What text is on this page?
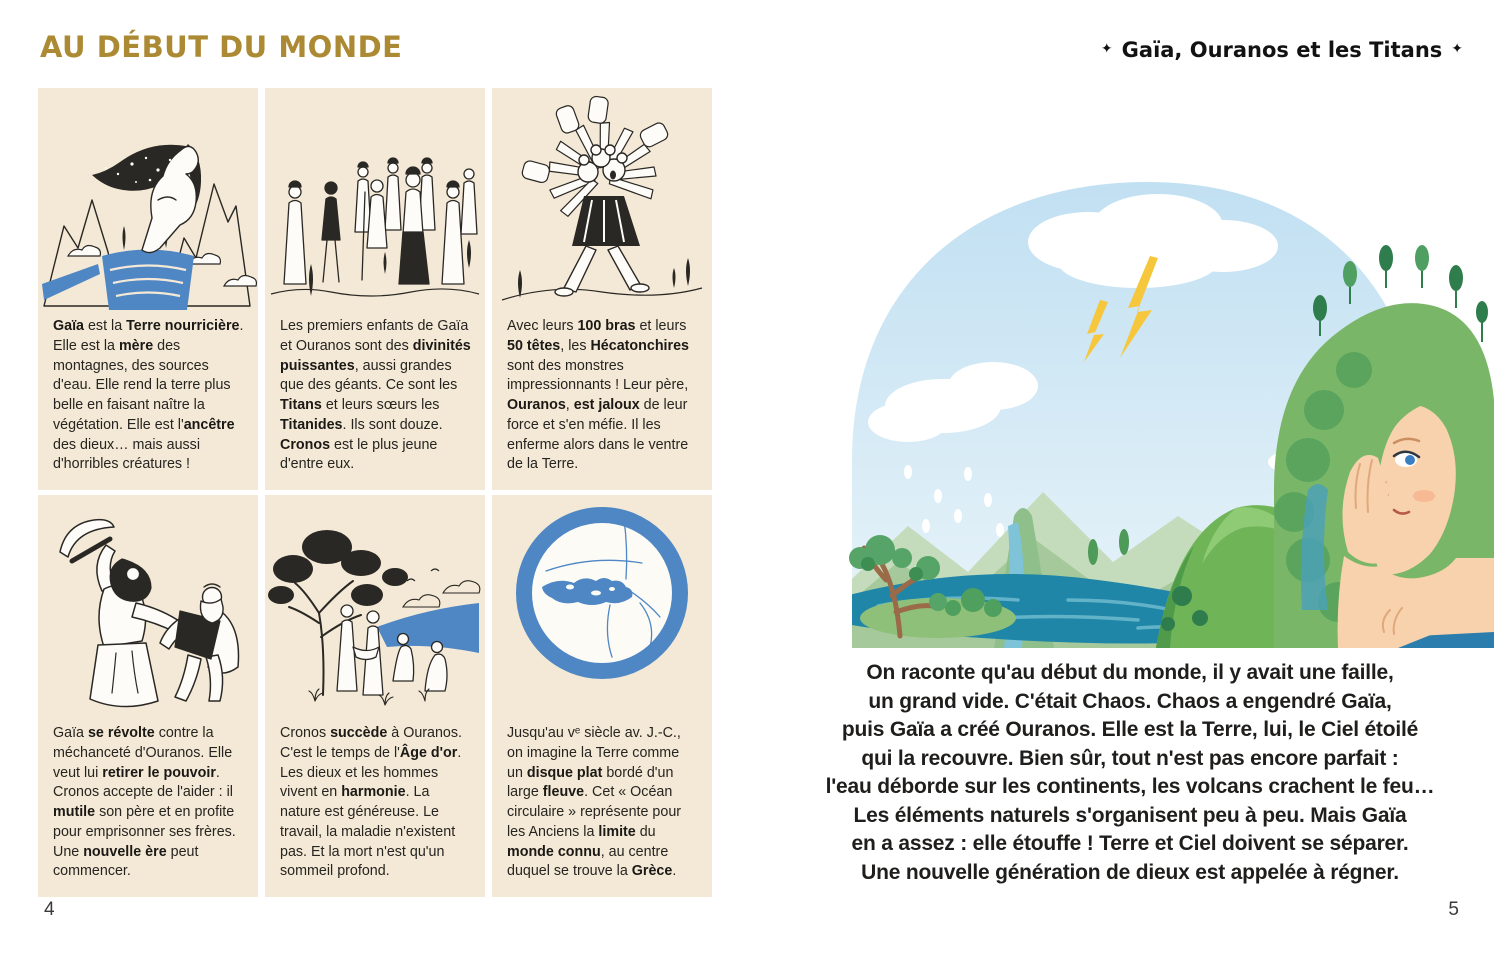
AU DÉBUT DU MONDE

Gaïa est la Terre nourricière. Elle est la mère des montagnes, des sources d'eau. Elle rend la terre plus belle en faisant naître la végétation. Elle est l'ancêtre des dieux… mais aussi d'horribles créatures !

Les premiers enfants de Gaïa et Ouranos sont des divinités puissantes, aussi grandes que des géants. Ce sont les Titans et leurs sœurs les Titanides. Ils sont douze. Cronos est le plus jeune d'entre eux.

Avec leurs 100 bras et leurs 50 têtes, les Hécatonchires sont des monstres impressionnants ! Leur père, Ouranos, est jaloux de leur force et s'en méfie. Il les enferme alors dans le ventre de la Terre.

Gaïa se révolte contre la méchanceté d'Ouranos. Elle veut lui retirer le pouvoir. Cronos accepte de l'aider : il mutile son père et en profite pour emprisonner ses frères. Une nouvelle ère peut commencer.

Cronos succède à Ouranos. C'est le temps de l'Âge d'or. Les dieux et les hommes vivent en harmonie. La nature est généreuse. Le travail, la maladie n'existent pas. Et la mort n'est qu'un sommeil profond.

Jusqu'au vᵉ siècle av. J.-C., on imagine la Terre comme un disque plat bordé d'un large fleuve. Cet « Océan circulaire » représente pour les Anciens la limite du monde connu, au centre duquel se trouve la Grèce.

4
✦ Gaïa, Ouranos et les Titans ✦
On raconte qu'au début du monde, il y avait une faille,
un grand vide. C'était Chaos. Chaos a engendré Gaïa,
puis Gaïa a créé Ouranos. Elle est la Terre, lui, le Ciel étoilé
qui la recouvre. Bien sûr, tout n'est pas encore parfait :
l'eau déborde sur les continents, les volcans crachent le feu…
Les éléments naturels s'organisent peu à peu. Mais Gaïa
en a assez : elle étouffe ! Terre et Ciel doivent se séparer.
Une nouvelle génération de dieux est appelée à régner.
5
